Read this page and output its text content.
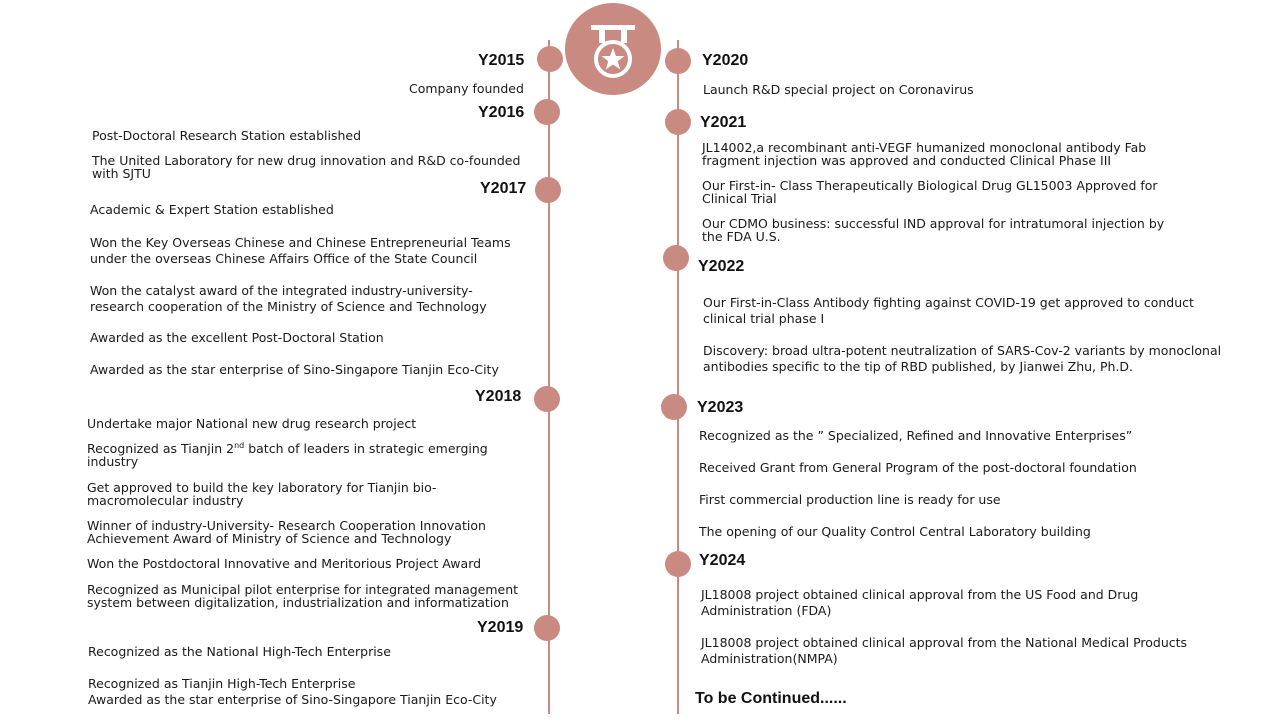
Y2015
Company founded
Y2016
Post-Doctoral Research Station established
The United Laboratory for new drug innovation and R&D co-founded with SJTU
Y2017
Academic & Expert Station established
Won the Key Overseas Chinese and Chinese Entrepreneurial Teams under the overseas Chinese Affairs Office of the State Council
Won the catalyst award of the integrated industry-university-research cooperation of the Ministry of Science and Technology
Awarded as the excellent Post-Doctoral Station
Awarded as the star enterprise of Sino-Singapore Tianjin Eco-City
Y2018
Undertake major National new drug research project
Recognized as Tianjin 2nd batch of leaders in strategic emerging industry
Get approved to build the key laboratory for Tianjin bio-macromolecular industry
Winner of industry-University- Research Cooperation Innovation Achievement Award of Ministry of Science and Technology
Won the Postdoctoral Innovative and Meritorious Project Award
Recognized as Municipal pilot enterprise for integrated management system between digitalization, industrialization and informatization
Y2019
Recognized as the National High-Tech Enterprise
Recognized as Tianjin High-Tech Enterprise
Awarded as the star enterprise of Sino-Singapore Tianjin Eco-City
Y2020
Launch R&D special project on Coronavirus
Y2021
JL14002,a recombinant anti-VEGF humanized monoclonal antibody Fab fragment injection was approved and conducted Clinical Phase III
Our First-in- Class Therapeutically Biological Drug GL15003 Approved for Clinical Trial
Our CDMO business: successful IND approval for intratumoral injection by the FDA U.S.
Y2022
Our First-in-Class Antibody fighting against COVID-19 get approved to conduct clinical trial phase Ⅰ
Discovery: broad ultra-potent neutralization of SARS-Cov-2 variants by monoclonal antibodies specific to the tip of RBD published, by Jianwei Zhu, Ph.D.
Y2023
Recognized as the ” Specialized, Refined and Innovative Enterprises”
Received Grant from General Program of the post-doctoral foundation
First commercial production line is ready for use
The opening of our Quality Control Central Laboratory building
Y2024
JL18008 project obtained clinical approval from the US Food and Drug Administration (FDA)
JL18008 project obtained clinical approval from the National Medical Products Administration(NMPA)
To be Continued......
